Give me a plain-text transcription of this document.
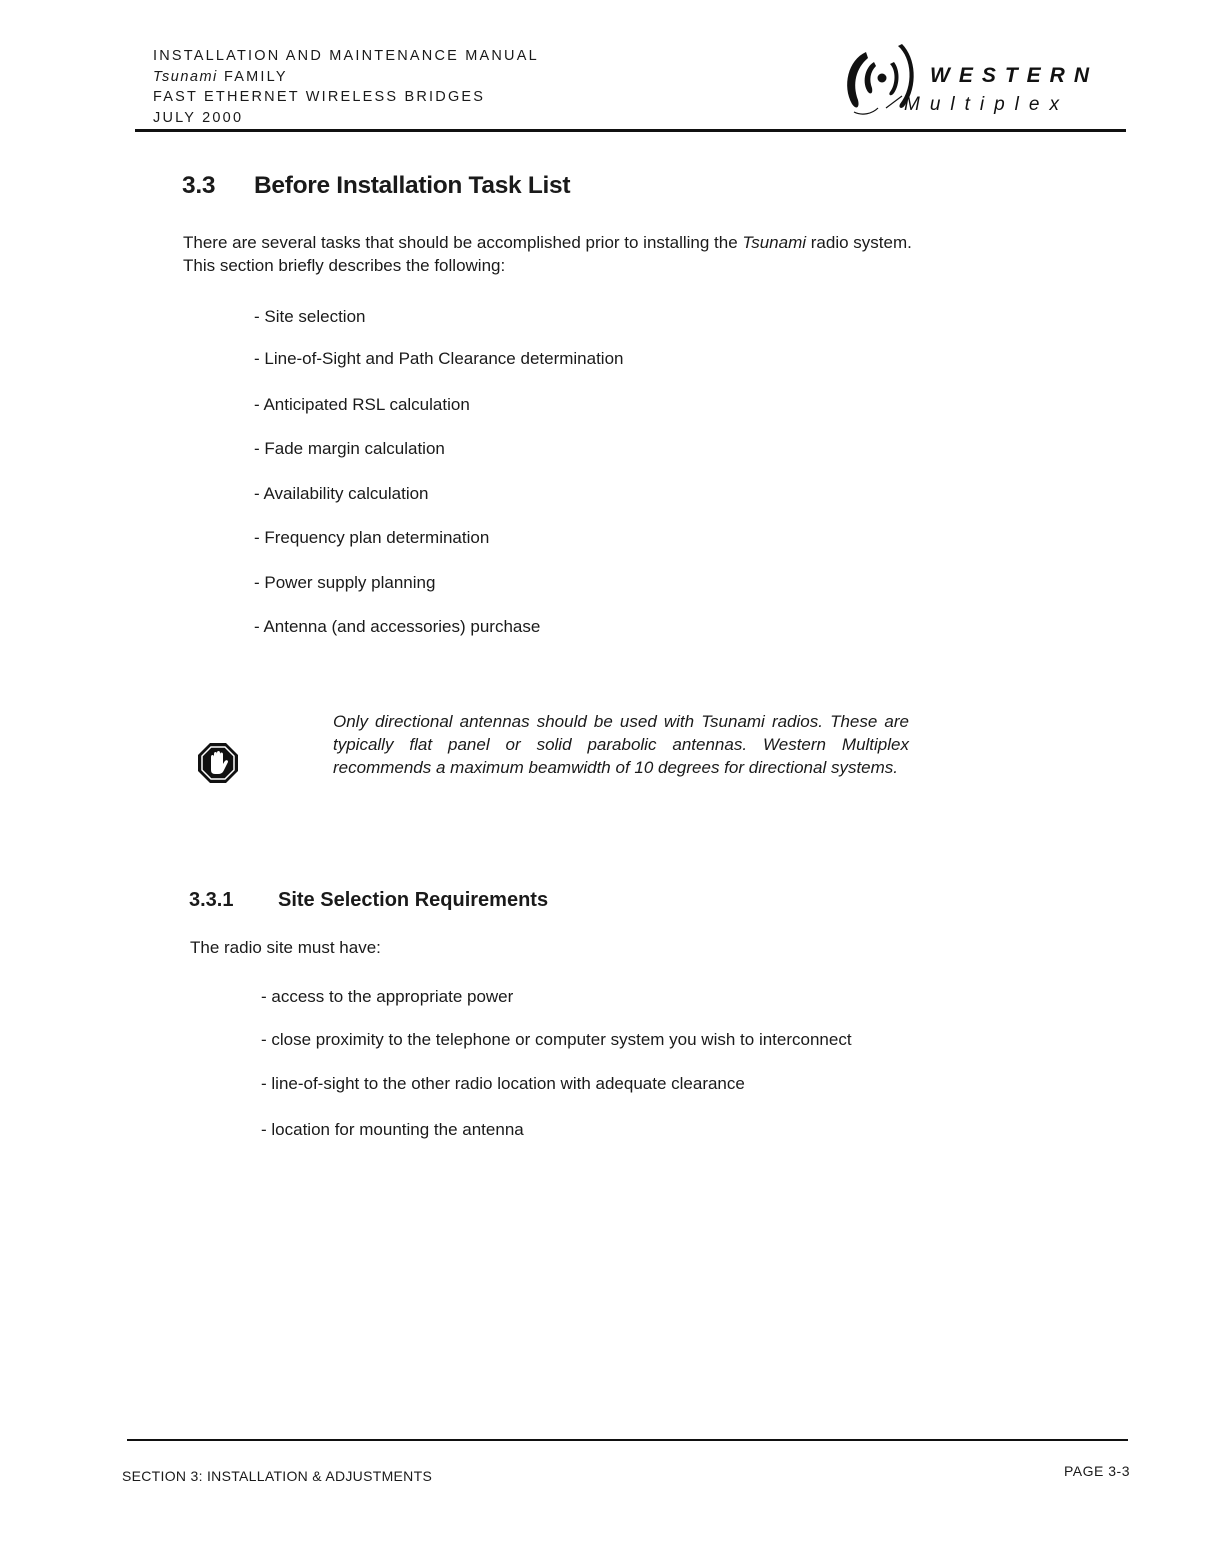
INSTALLATION AND MAINTENANCE MANUAL
Tsunami FAMILY
FAST ETHERNET WIRELESS BRIDGES
JULY 2000
WESTERN
Multiplex
3.3 Before Installation Task List

There are several tasks that should be accomplished prior to installing the Tsunami radio system.
This section briefly describes the following:

- Site selection
- Line-of-Sight and Path Clearance determination
- Anticipated RSL calculation
- Fade margin calculation
- Availability calculation
- Frequency plan determination
- Power supply planning
- Antenna (and accessories) purchase

Only directional antennas should be used with Tsunami radios. These are typically flat panel or solid parabolic antennas. Western Multiplex recommends a maximum beamwidth of 10 degrees for directional systems.

3.3.1 Site Selection Requirements

The radio site must have:

- access to the appropriate power
- close proximity to the telephone or computer system you wish to interconnect
- line-of-sight to the other radio location with adequate clearance
- location for mounting the antenna
SECTION 3: INSTALLATION & ADJUSTMENTS	PAGE 3-3
